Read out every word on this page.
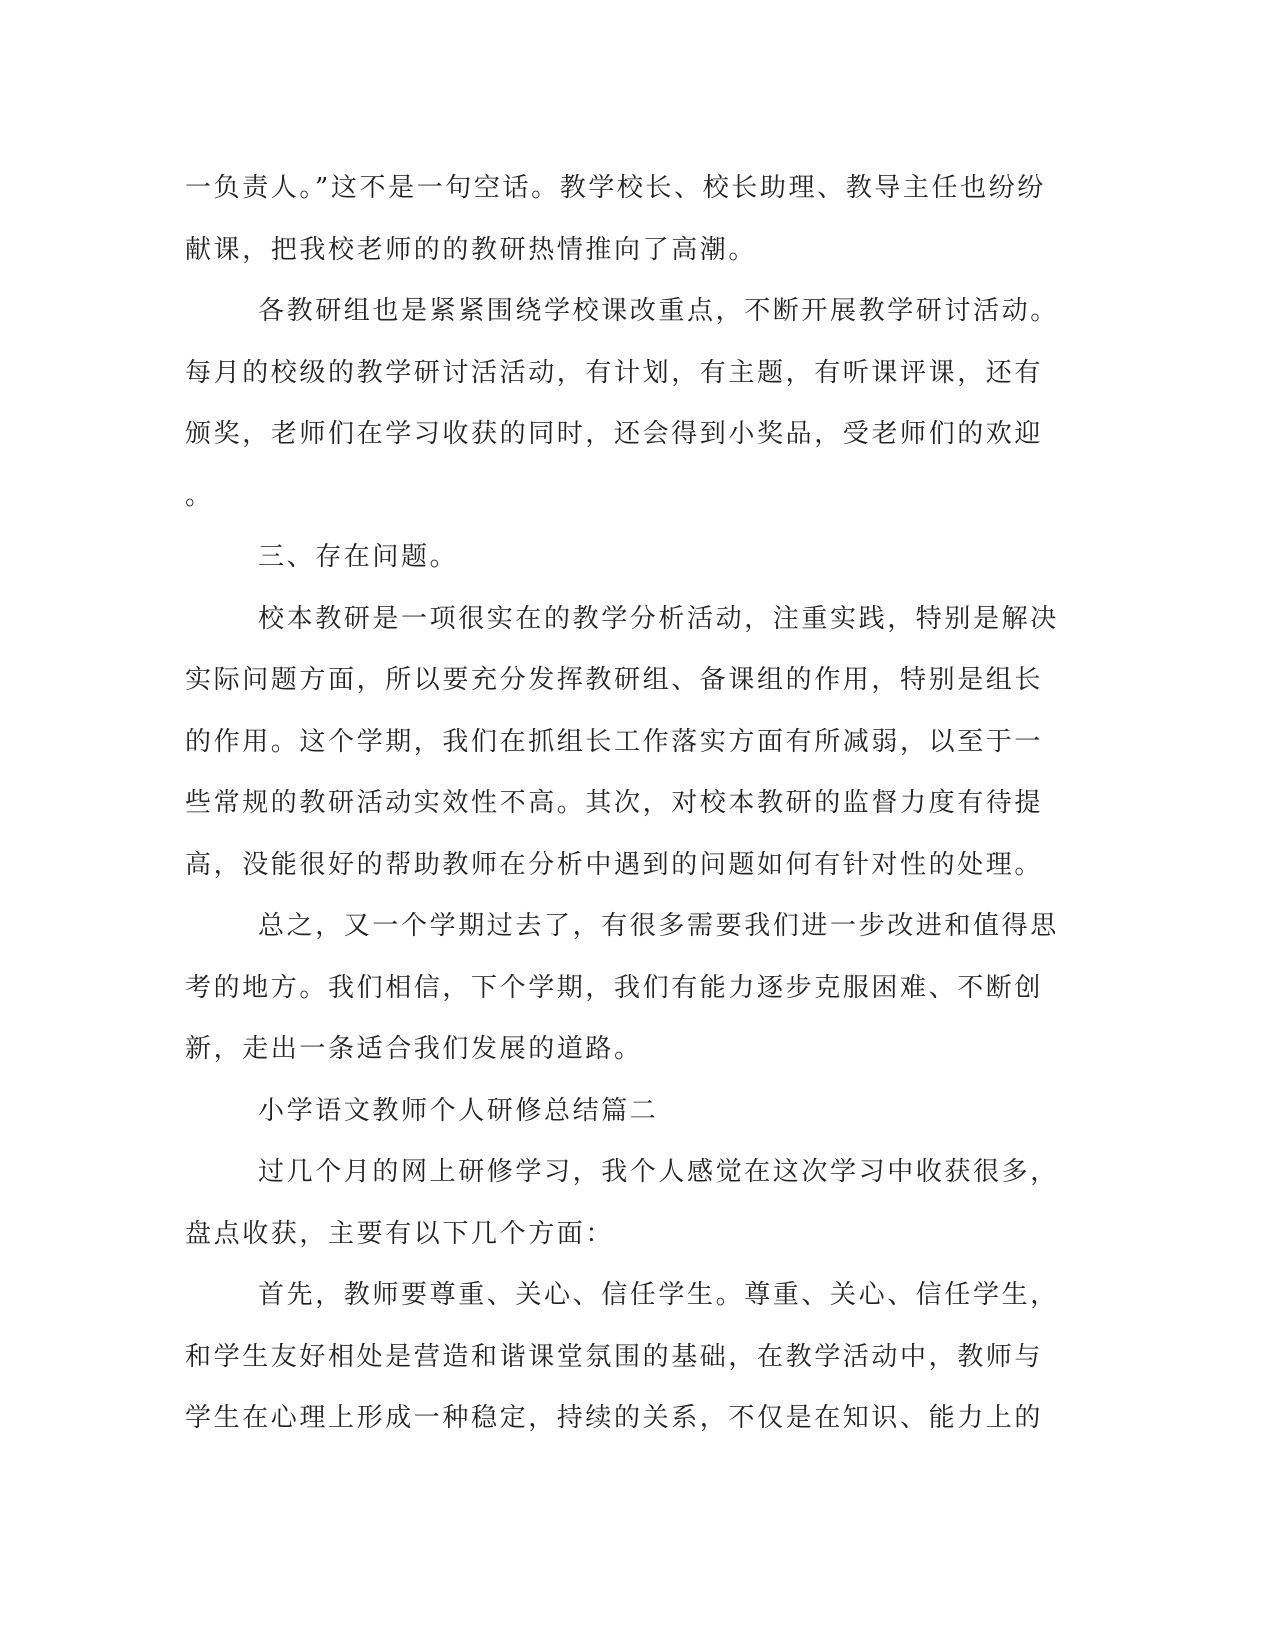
一负责人。”这不是一句空话。教学校长、校长助理、教导主任也纷纷
献课，把我校老师的的教研热情推向了高潮。

各教研组也是紧紧围绕学校课改重点，不断开展教学研讨活动。
每月的校级的教学研讨活活动，有计划，有主题，有听课评课，还有
颁奖，老师们在学习收获的同时，还会得到小奖品，受老师们的欢迎
。

三、存在问题。

校本教研是一项很实在的教学分析活动，注重实践，特别是解决
实际问题方面，所以要充分发挥教研组、备课组的作用，特别是组长
的作用。这个学期，我们在抓组长工作落实方面有所减弱，以至于一
些常规的教研活动实效性不高。其次，对校本教研的监督力度有待提
高，没能很好的帮助教师在分析中遇到的问题如何有针对性的处理。

总之，又一个学期过去了，有很多需要我们进一步改进和值得思
考的地方。我们相信，下个学期，我们有能力逐步克服困难、不断创
新，走出一条适合我们发展的道路。

小学语文教师个人研修总结篇二

过几个月的网上研修学习，我个人感觉在这次学习中收获很多，
盘点收获，主要有以下几个方面：

首先，教师要尊重、关心、信任学生。尊重、关心、信任学生，
和学生友好相处是营造和谐课堂氛围的基础，在教学活动中，教师与
学生在心理上形成一种稳定，持续的关系，不仅是在知识、能力上的
